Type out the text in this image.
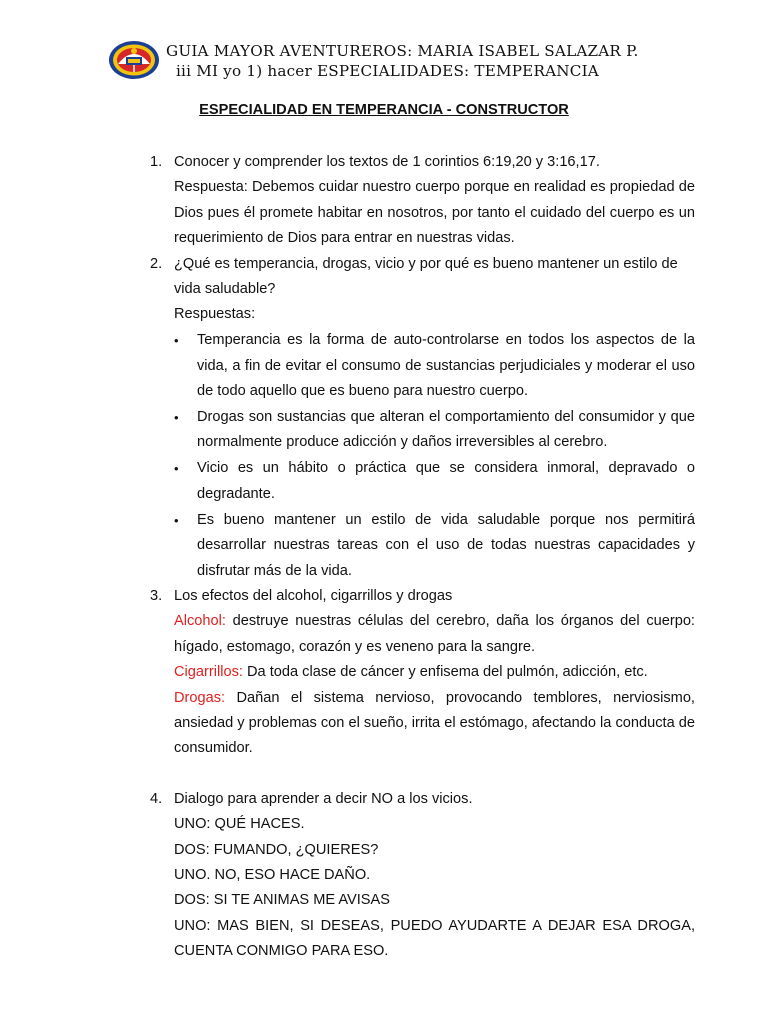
GUIA MAYOR AVENTUREROS: MARIA ISABEL SALAZAR P.
iii MI yo 1) hacer ESPECIALIDADES: TEMPERANCIA
ESPECIALIDAD EN TEMPERANCIA - CONSTRUCTOR
1. Conocer y comprender los textos de 1 corintios 6:19,20 y 3:16,17.
Respuesta: Debemos cuidar nuestro cuerpo porque en realidad es propiedad de Dios pues él promete habitar en nosotros, por tanto el cuidado del cuerpo es un requerimiento de Dios para entrar en nuestras vidas.
2. ¿Qué es temperancia, drogas, vicio y por qué es bueno mantener un estilo de vida saludable?
Respuestas:
• Temperancia es la forma de auto-controlarse en todos los aspectos de la vida, a fin de evitar el consumo de sustancias perjudiciales y moderar el uso de todo aquello que es bueno para nuestro cuerpo.
• Drogas son sustancias que alteran el comportamiento del consumidor y que normalmente produce adicción y daños irreversibles al cerebro.
• Vicio es un hábito o práctica que se considera inmoral, depravado o degradante.
• Es bueno mantener un estilo de vida saludable porque nos permitirá desarrollar nuestras tareas con el uso de todas nuestras capacidades y disfrutar más de la vida.
3. Los efectos del alcohol, cigarrillos y drogas
Alcohol: destruye nuestras células del cerebro, daña los órganos del cuerpo: hígado, estomago, corazón y es veneno para la sangre.
Cigarrillos: Da toda clase de cáncer y enfisema del pulmón, adicción, etc.
Drogas: Dañan el sistema nervioso, provocando temblores, nerviosismo, ansiedad y problemas con el sueño, irrita el estómago, afectando la conducta de consumidor.
4. Dialogo para aprender a decir NO a los vicios.
UNO: QUÉ HACES.
DOS: FUMANDO, ¿QUIERES?
UNO. NO, ESO HACE DAÑO.
DOS: SI TE ANIMAS ME AVISAS
UNO: MAS BIEN, SI DESEAS, PUEDO AYUDARTE A DEJAR ESA DROGA, CUENTA CONMIGO PARA ESO.
